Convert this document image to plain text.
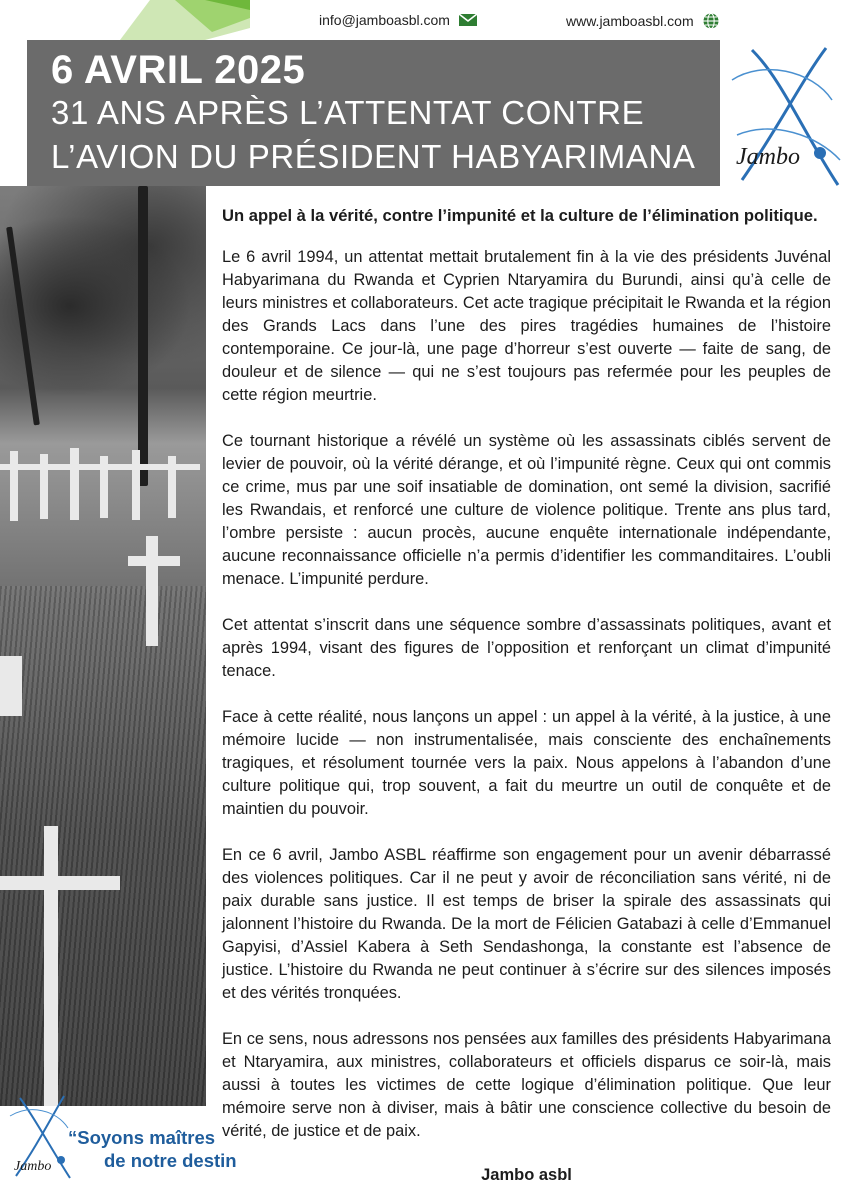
info@jamboasbl.com	www.jamboasbl.com
6 AVRIL 2025
31 ANS APRÈS L’ATTENTAT CONTRE
L’AVION DU PRÉSIDENT HABYARIMANA Jambo

Un appel à la vérité, contre l’impunité et la culture de l’élimination politique.

Le 6 avril 1994, un attentat mettait brutalement fin à la vie des présidents Juvénal Habyarimana du Rwanda et Cyprien Ntaryamira du Burundi, ainsi qu’à celle de leurs ministres et collaborateurs. Cet acte tragique précipitait le Rwanda et la région des Grands Lacs dans l’une des pires tragédies humaines de l’histoire contemporaine. Ce jour-là, une page d’horreur s’est ouverte — faite de sang, de douleur et de silence — qui ne s’est toujours pas refermée pour les peuples de cette région meurtrie.

Ce tournant historique a révélé un système où les assassinats ciblés servent de levier de pouvoir, où la vérité dérange, et où l’impunité règne. Ceux qui ont commis ce crime, mus par une soif insatiable de domination, ont semé la division, sacrifié les Rwandais, et renforcé une culture de violence politique. Trente ans plus tard, l’ombre persiste : aucun procès, aucune enquête internationale indépendante, aucune reconnaissance officielle n’a permis d’identifier les commanditaires. L’oubli menace. L’impunité perdure.

Cet attentat s’inscrit dans une séquence sombre d’assassinats politiques, avant et après 1994, visant des figures de l’opposition et renforçant un climat d’impunité tenace.

Face à cette réalité, nous lançons un appel : un appel à la vérité, à la justice, à une mémoire lucide — non instrumentalisée, mais consciente des enchaînements tragiques, et résolument tournée vers la paix. Nous appelons à l’abandon d’une culture politique qui, trop souvent, a fait du meurtre un outil de conquête et de maintien du pouvoir.

En ce 6 avril, Jambo ASBL réaffirme son engagement pour un avenir débarrassé des violences politiques. Car il ne peut y avoir de réconciliation sans vérité, ni de paix durable sans justice. Il est temps de briser la spirale des assassinats qui jalonnent l’histoire du Rwanda. De la mort de Félicien Gatabazi à celle d’Emmanuel Gapyisi, d’Assiel Kabera à Seth Sendashonga, la constante est l’absence de justice. L’histoire du Rwanda ne peut continuer à s’écrire sur des silences imposés et des vérités tronquées.

En ce sens, nous adressons nos pensées aux familles des présidents Habyarimana et Ntaryamira, aux ministres, collaborateurs et officiels disparus ce soir-là, mais aussi à toutes les victimes de cette logique d’élimination politique. Que leur mémoire serve non à diviser, mais à bâtir une conscience collective du besoin de vérité, de justice et de paix.

Jambo
“Soyons maîtres
de notre destin
Jambo asbl
